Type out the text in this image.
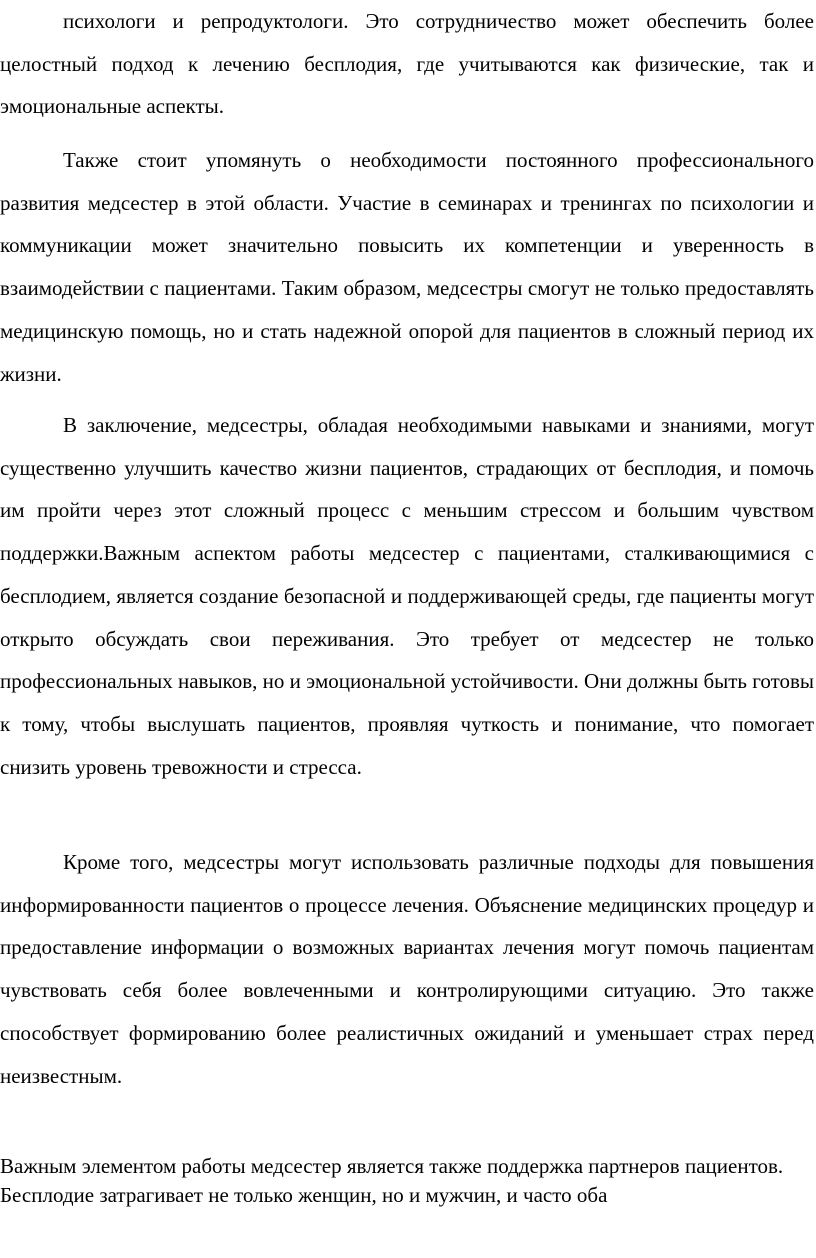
психологи и репродуктологи. Это сотрудничество может обеспечить более целостный подход к лечению бесплодия, где учитываются как физические, так и эмоциональные аспекты.

Также стоит упомянуть о необходимости постоянного профессионального развития медсестер в этой области. Участие в семинарах и тренингах по психологии и коммуникации может значительно повысить их компетенции и уверенность в взаимодействии с пациентами. Таким образом, медсестры смогут не только предоставлять медицинскую помощь, но и стать надежной опорой для пациентов в сложный период их жизни.

В заключение, медсестры, обладая необходимыми навыками и знаниями, могут существенно улучшить качество жизни пациентов, страдающих от бесплодия, и помочь им пройти через этот сложный процесс с меньшим стрессом и большим чувством поддержки.Важным аспектом работы медсестер с пациентами, сталкивающимися с бесплодием, является создание безопасной и поддерживающей среды, где пациенты могут открыто обсуждать свои переживания. Это требует от медсестер не только профессиональных навыков, но и эмоциональной устойчивости. Они должны быть готовы к тому, чтобы выслушать пациентов, проявляя чуткость и понимание, что помогает снизить уровень тревожности и стресса.

Кроме того, медсестры могут использовать различные подходы для повышения информированности пациентов о процессе лечения. Объяснение медицинских процедур и предоставление информации о возможных вариантах лечения могут помочь пациентам чувствовать себя более вовлеченными и контролирующими ситуацию. Это также способствует формированию более реалистичных ожиданий и уменьшает страх перед неизвестным.

Важным элементом работы медсестер является также поддержка партнеров пациентов. Бесплодие затрагивает не только женщин, но и мужчин, и часто оба
